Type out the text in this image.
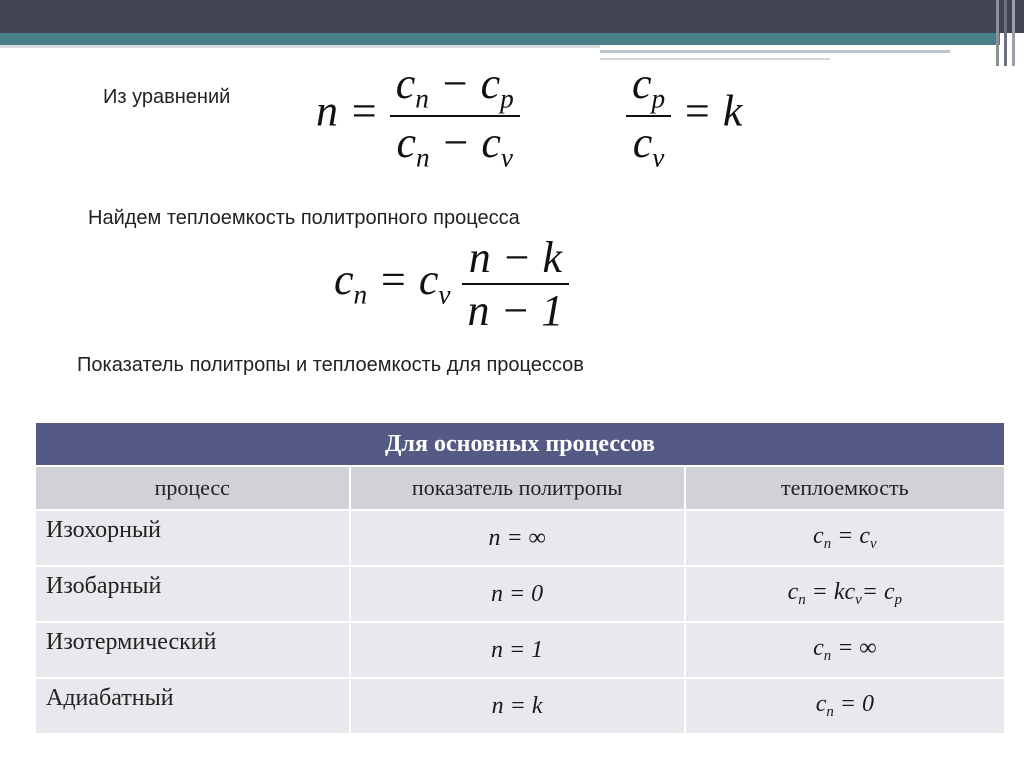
Из уравнений
Найдем теплоемкость политропного процесса
Показатель политропы и теплоемкость для процессов
$n = \frac{c_n - c_p}{c_n - c_v} \frac{c_p}{c_v} = k$
$c_n = c_v \frac{n - k}{n - 1}$
Для основных процессов		
процесс	показатель политропы	теплоемкость
Изохорный	n = ∞	$c_n = c_v$
Изобарный	n = 0	$c_n = kc_v= c_p$
Изотермический	n = 1	$c_n$ = ∞
Адиабатный	n = k	$c_n = 0$
